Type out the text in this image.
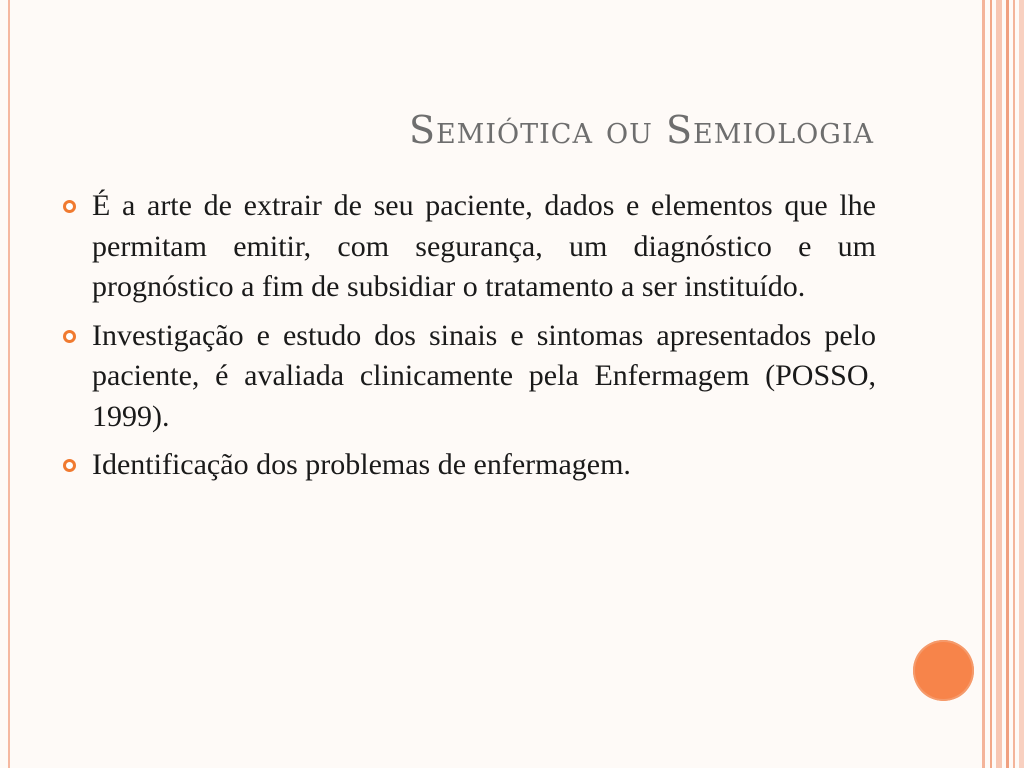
Semiótica ou Semiologia
É a arte de extrair de seu paciente, dados e elementos que lhe permitam emitir, com segurança, um diagnóstico e um prognóstico a fim de subsidiar o tratamento a ser instituído.
Investigação e estudo dos sinais e sintomas apresentados pelo paciente, é avaliada clinicamente pela Enfermagem (POSSO, 1999).
Identificação dos problemas de enfermagem.
